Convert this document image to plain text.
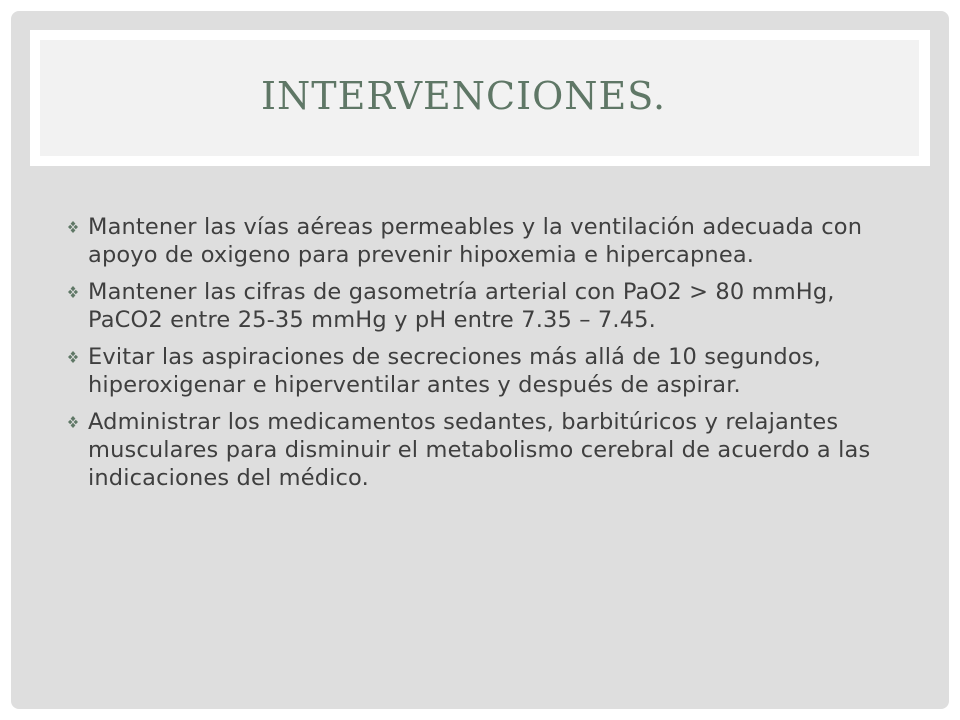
INTERVENCIONES.
Mantener las vías aéreas permeables y la ventilación adecuada con apoyo de oxigeno para prevenir hipoxemia e hipercapnea.
Mantener las cifras de gasometría arterial con PaO2 > 80 mmHg, PaCO2 entre 25-35 mmHg y pH entre 7.35 – 7.45.
Evitar las aspiraciones de secreciones más allá de 10 segundos, hiperoxigenar e hiperventilar antes y después de aspirar.
Administrar los medicamentos sedantes, barbitúricos y relajantes musculares para disminuir el metabolismo cerebral de acuerdo a las indicaciones del médico.
